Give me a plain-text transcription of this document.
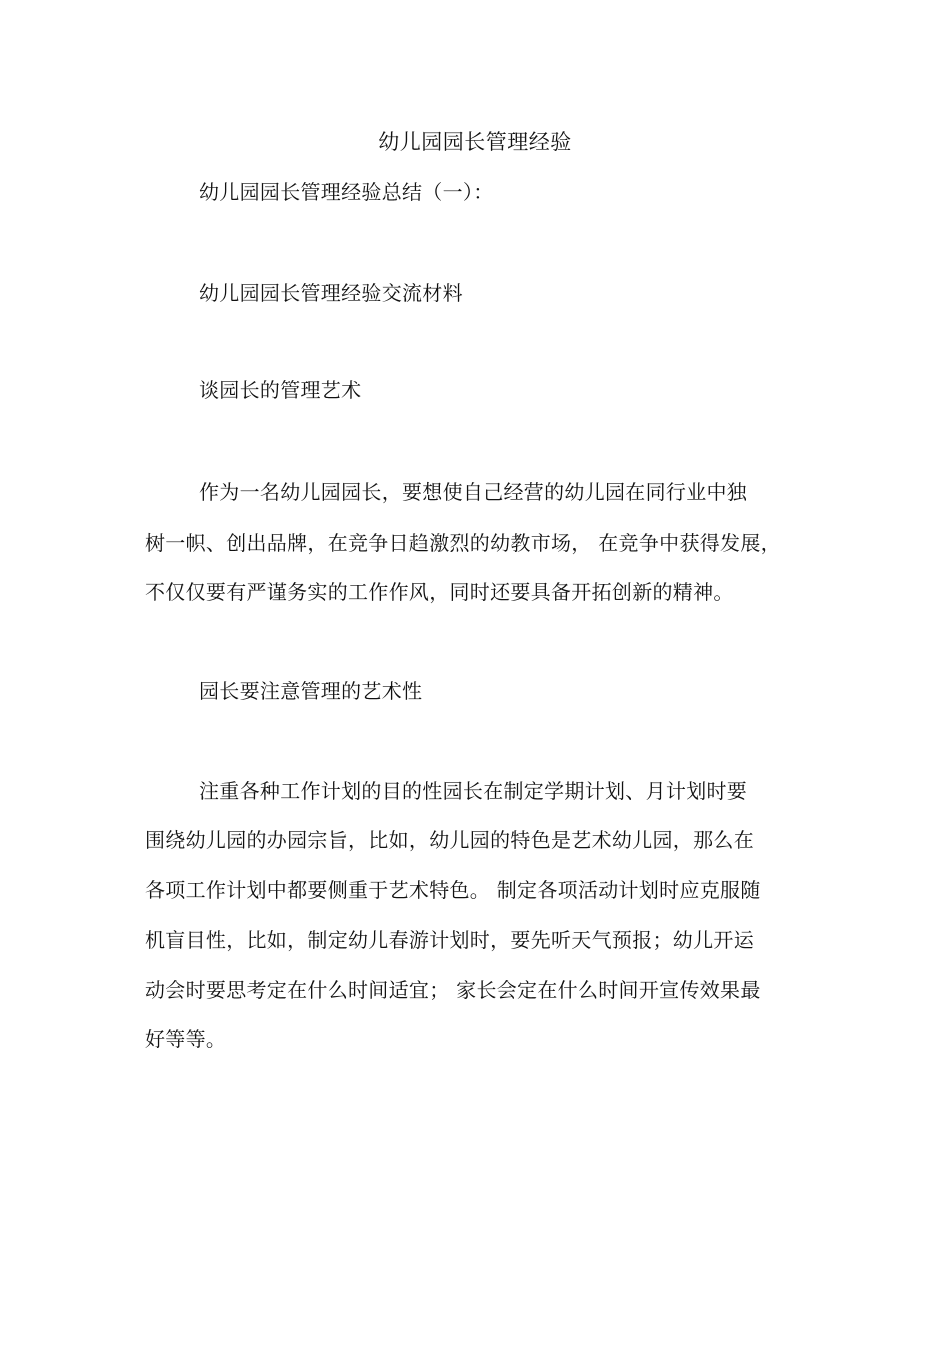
幼儿园园长管理经验
幼儿园园长管理经验总结（一）：
幼儿园园长管理经验交流材料
谈园长的管理艺术
作为一名幼儿园园长，要想使自己经营的幼儿园在同行业中独
树一帜、创出品牌，在竞争日趋激烈的幼教市场， 在竞争中获得发展，
不仅仅要有严谨务实的工作作风，同时还要具备开拓创新的精神。
园长要注意管理的艺术性
注重各种工作计划的目的性园长在制定学期计划、月计划时要
围绕幼儿园的办园宗旨，比如，幼儿园的特色是艺术幼儿园，那么在
各项工作计划中都要侧重于艺术特色。 制定各项活动计划时应克服随
机盲目性，比如，制定幼儿春游计划时，要先听天气预报；幼儿开运
动会时要思考定在什么时间适宜； 家长会定在什么时间开宣传效果最
好等等。
